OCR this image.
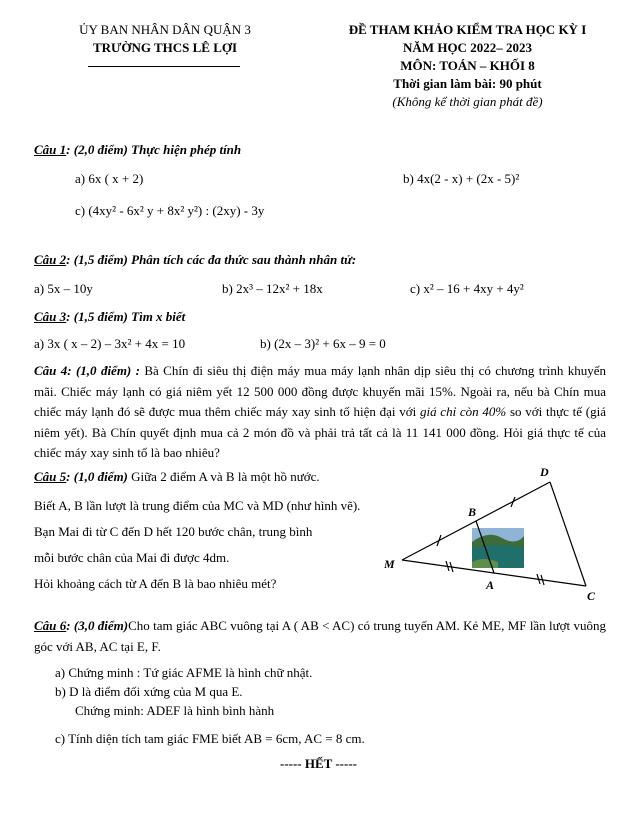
ỦY BAN NHÂN DÂN QUẬN 3
TRƯỜNG THCS LÊ LỢI
ĐỀ THAM KHẢO KIỂM TRA HỌC KỲ I
NĂM HỌC 2022– 2023
MÔN: TOÁN – KHỐI 8
Thời gian làm bài: 90 phút
(Không kể thời gian phát đề)
Câu 1: (2,0 điểm) Thực hiện phép tính
a) 6x ( x + 2)	b) 4x(2 - x) + (2x - 5)²
c) (4xy² - 6x² y + 8x² y²) : (2xy) - 3y
Câu 2: (1,5 điểm) Phân tích các đa thức sau thành nhân tử:
a) 5x – 10y	b) 2x³ – 12x² + 18x	c) x² – 16 + 4xy + 4y²
Câu 3: (1,5 điểm) Tìm x biết
a) 3x ( x – 2) – 3x² + 4x = 10	b) (2x – 3)² + 6x – 9 = 0
Câu 4: (1,0 điểm) : Bà Chín đi siêu thị điện máy mua máy lạnh nhân dịp siêu thị có chương trình khuyến mãi. Chiếc máy lạnh có giá niêm yết 12 500 000 đồng được khuyến mãi 15%. Ngoài ra, nếu bà Chín mua chiếc máy lạnh đó sẽ được mua thêm chiếc máy xay sinh tố hiện đại với giá chỉ còn 40% so với thực tế (giá niêm yết). Bà Chín quyết định mua cả 2 món đồ và phải trả tất cả là 11 141 000 đồng. Hỏi giá thực tế của chiếc máy xay sinh tố là bao nhiêu?
Câu 5: (1,0 điểm) Giữa 2 điểm A và B là một hồ nước.
Biết A, B lần lượt là trung điểm của MC và MD (như hình vẽ).
Bạn Mai đi từ C đến D hết 120 bước chân, trung bình
mỗi bước chân của Mai đi được 4dm.
Hỏi khoảng cách từ A đến B là bao nhiêu mét?
D
B
M
A
C
Câu 6: (3,0 điểm)Cho tam giác ABC vuông tại A ( AB < AC) có trung tuyến AM. Kẻ ME, MF lần lượt vuông góc với AB, AC tại E, F.
a) Chứng minh : Tứ giác AFME là hình chữ nhật.
b) D là điểm đối xứng của M qua E.
Chứng minh: ADEF là hình bình hành
c) Tính diện tích tam giác FME biết AB = 6cm, AC = 8 cm.
----- HẾT -----
